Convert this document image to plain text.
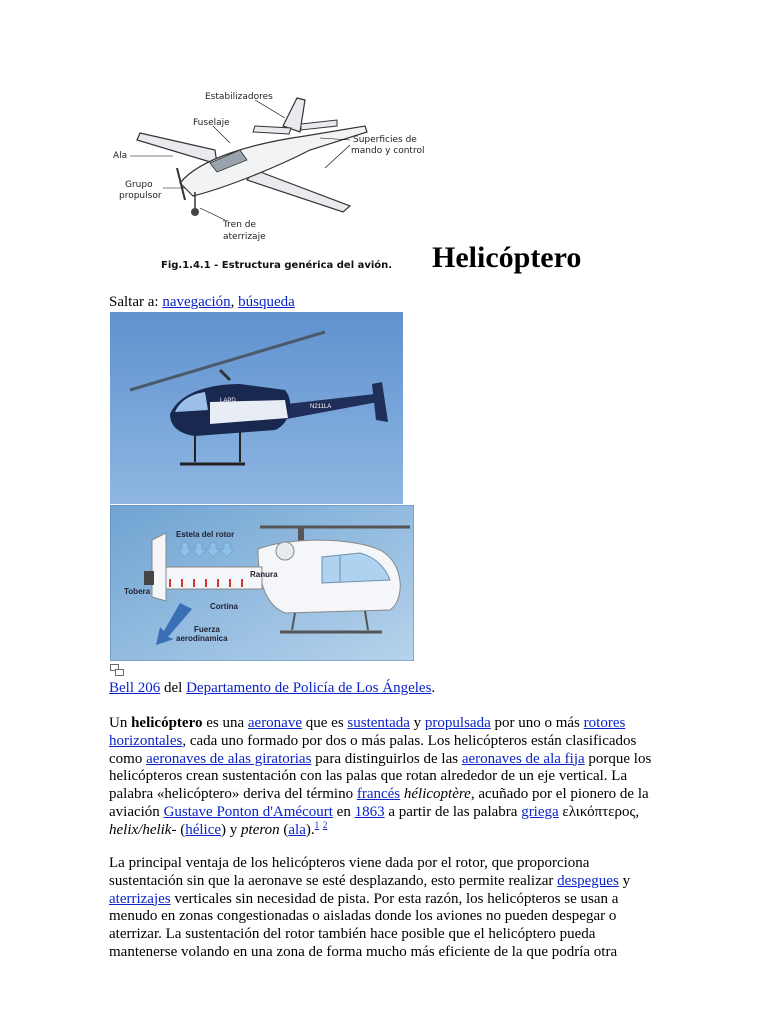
Estabilizadores
Fuselaje
Ala
Grupo
propulsor
Superficies de
mando y control
Tren de
aterrizaje
Fig.1.4.1 - Estructura genérica del avión. Helicóptero
Saltar a: navegación, búsqueda
LAPD
N211LA
Estela del rotor
Ranura
Tobera
Cortina
Fuerza
aerodinamica
Bell 206 del Departamento de Policía de Los Ángeles.

Un helicóptero es una aeronave que es sustentada y propulsada por uno o más rotores horizontales, cada uno formado por dos o más palas. Los helicópteros están clasificados como aeronaves de alas giratorias para distinguirlos de las aeronaves de ala fija porque los helicópteros crean sustentación con las palas que rotan alrededor de un eje vertical. La palabra «helicóptero» deriva del término francés hélicoptère, acuñado por el pionero de la aviación Gustave Ponton d'Amécourt en 1863 a partir de las palabra griega ελικόπτερος, helix/helik- (hélice) y pteron (ala).$^1$ $^2$

La principal ventaja de los helicópteros viene dada por el rotor, que proporciona sustentación sin que la aeronave se esté desplazando, esto permite realizar despegues y aterrizajes verticales sin necesidad de pista. Por esta razón, los helicópteros se usan a menudo en zonas congestionadas o aisladas donde los aviones no pueden despegar o aterrizar. La sustentación del rotor también hace posible que el helicóptero pueda mantenerse volando en una zona de forma mucho más eficiente de la que podría otra
